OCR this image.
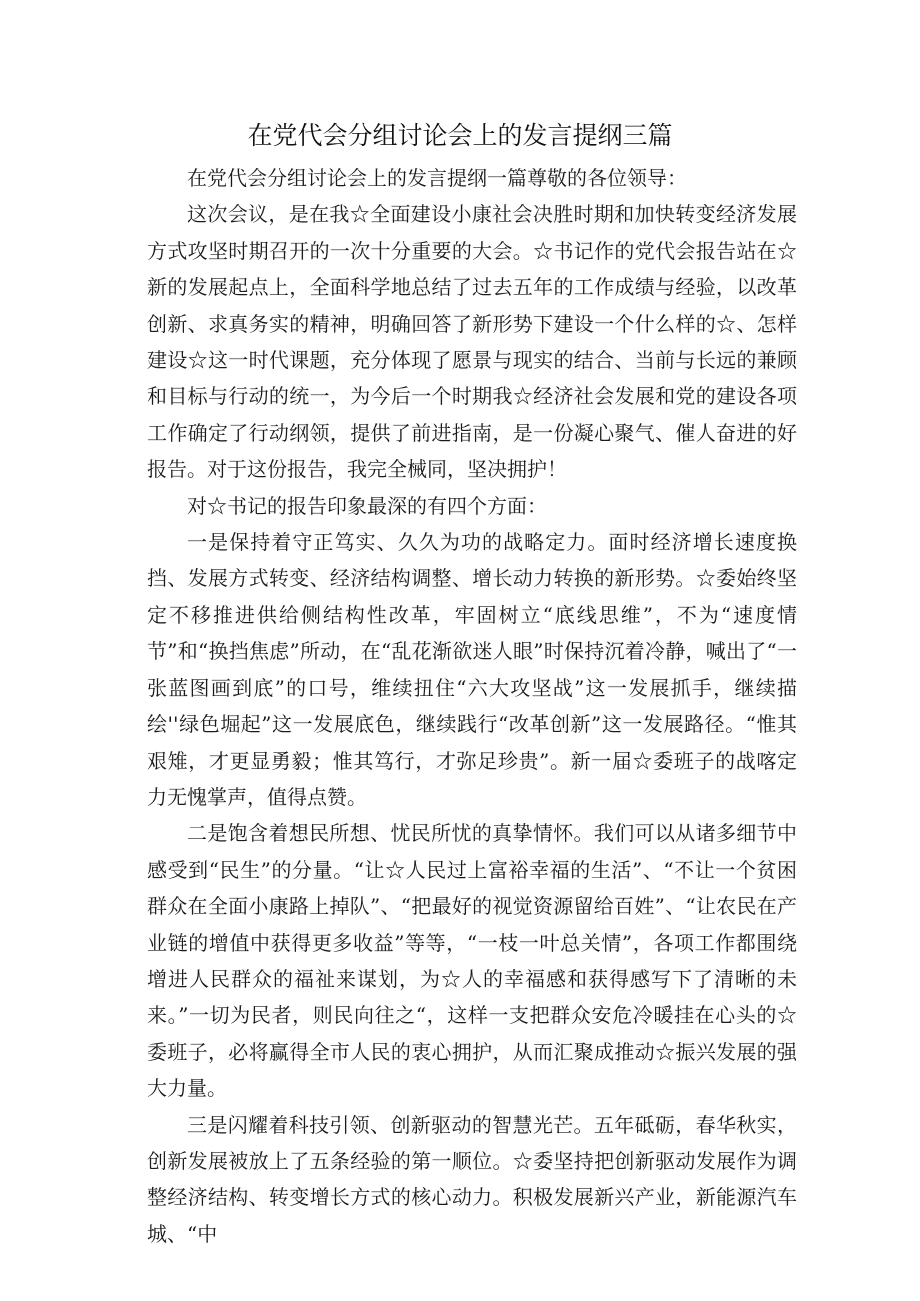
在党代会分组讨论会上的发言提纲三篇

在党代会分组讨论会上的发言提纲一篇尊敬的各位领导：

这次会议，是在我☆全面建设小康社会决胜时期和加快转变经济发展方式攻坚时期召开的一次十分重要的大会。☆书记作的党代会报告站在☆新的发展起点上，全面科学地总结了过去五年的工作成绩与经验，以改革创新、求真务实的精神，明确回答了新形势下建设一个什么样的☆、怎样建设☆这一时代课题，充分体现了愿景与现实的结合、当前与长远的兼顾和目标与行动的统一，为今后一个时期我☆经济社会发展和党的建设各项工作确定了行动纲领，提供了前进指南，是一份凝心聚气、催人奋进的好报告。对于这份报告，我完全械同，坚决拥护！

对☆书记的报告印象最深的有四个方面：

一是保持着守正笃实、久久为功的战略定力。面时经济增长速度换挡、发展方式转变、经济结构调整、增长动力转换的新形势。☆委始终坚定不移推进供给侧结构性改革，牢固树立“底线思维”，不为“速度情节”和“换挡焦虑”所动，在“乱花渐欲迷人眼”时保持沉着冷静，喊出了“一张蓝图画到底”的口号，维续扭住“六大攻坚战”这一发展抓手，继续描绘''绿色堀起”这一发展底色，继续践行“改革创新”这一发展路径。“惟其艰雉，才更显勇毅；惟其笃行，才弥足珍贵”。新一届☆委班子的战喀定力无愧掌声，值得点赞。

二是饱含着想民所想、忧民所忧的真挚情怀。我们可以从诸多细节中感受到“民生”的分量。“让☆人民过上富裕幸福的生活”、“不让一个贫困群众在全面小康路上掉队”、“把最好的视觉资源留给百姓”、“让农民在产业链的增值中获得更多收益”等等，“一枝一叶总关情”，各项工作都围绕增进人民群众的福祉来谋划，为☆人的幸福感和获得感写下了清晰的未来。”一切为民者，则民向往之“，这样一支把群众安危冷暖挂在心头的☆委班子，必将赢得全市人民的衷心拥护，从而汇聚成推动☆振兴发展的强大力量。

三是闪耀着科技引领、创新驱动的智慧光芒。五年砥砺，春华秋实，创新发展被放上了五条经验的第一顺位。☆委坚持把创新驱动发展作为调整经济结构、转变增长方式的核心动力。积极发展新兴产业，新能源汽车城、“中
